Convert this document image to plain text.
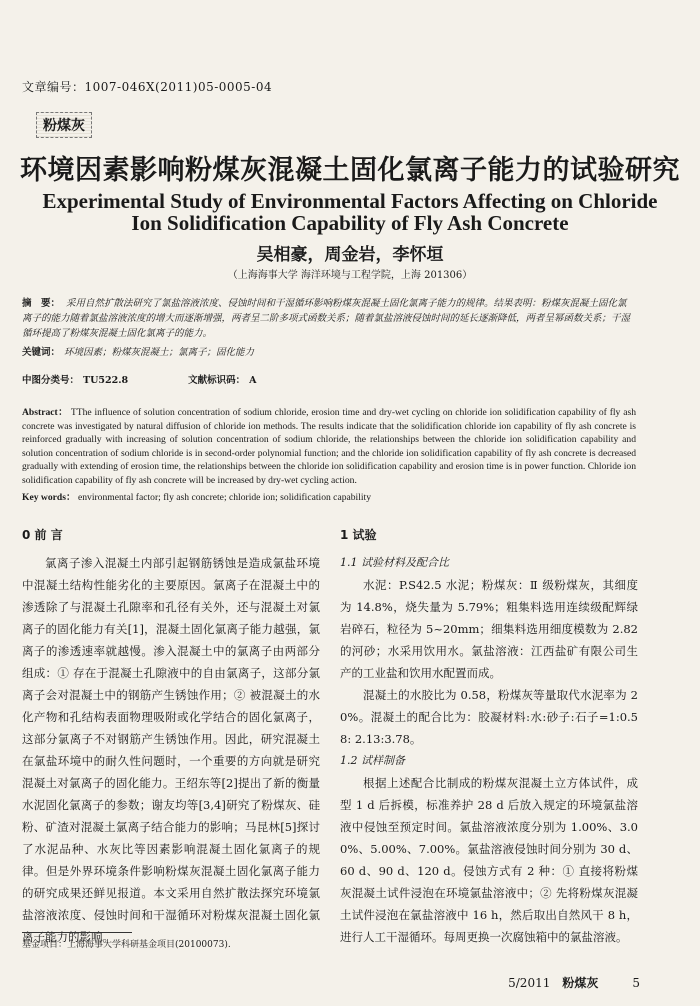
文章编号：1007-046X(2011)05-0005-04
粉煤灰
环境因素影响粉煤灰混凝土固化氯离子能力的试验研究
Experimental Study of Environmental Factors Affecting on Chloride
Ion Solidification Capability of Fly Ash Concrete
吴相豪，周金岩，李怀垣
（上海海事大学 海洋环境与工程学院，上海 201306）
摘　要： 采用自然扩散法研究了氯盐溶液浓度、侵蚀时间和干湿循环影响粉煤灰混凝土固化氯离子能力的规律。结果表明：粉煤灰混凝土固化氯离子的能力随着氯盐溶液浓度的增大而逐渐增强，两者呈二阶多项式函数关系；随着氯盐溶液侵蚀时间的延长逐渐降低，两者呈幂函数关系；干湿循环提高了粉煤灰混凝土固化氯离子的能力。
关键词： 环境因素；粉煤灰混凝土；氯离子；固化能力
中图分类号： TU522.8	文献标识码： A
Abstract： TThe influence of solution concentration of sodium chloride, erosion time and dry-wet cycling on chloride ion solidification capability of fly ash concrete was investigated by natural diffusion of chloride ion methods. The results indicate that the solidification chloride ion capability of fly ash concrete is reinforced gradually with increasing of solution concentration of sodium chloride, the relationships between the chloride ion solidification capability and solution concentration of sodium chloride is in second-order polynomial function; and the chloride ion solidification capability of fly ash concrete is decreased gradually with extending of erosion time, the relationships between the chloride ion solidification capability and erosion time is in power function. Chloride ion solidification capability of fly ash concrete will be increased by dry-wet cycling action.
Key words： environmental factor; fly ash concrete; chloride ion; solidification capability
0 前 言

氯离子渗入混凝土内部引起钢筋锈蚀是造成氯盐环境中混凝土结构性能劣化的主要原因。氯离子在混凝土中的渗透除了与混凝土孔隙率和孔径有关外，还与混凝土对氯离子的固化能力有关[1]，混凝土固化氯离子能力越强，氯离子的渗透速率就越慢。渗入混凝土中的氯离子由两部分组成：① 存在于混凝土孔隙液中的自由氯离子，这部分氯离子会对混凝土中的钢筋产生锈蚀作用；② 被混凝土的水化产物和孔结构表面物理吸附或化学结合的固化氯离子，这部分氯离子不对钢筋产生锈蚀作用。因此，研究混凝土在氯盐环境中的耐久性问题时，一个重要的方向就是研究混凝土对氯离子的固化能力。王绍东等[2]提出了新的衡量水泥固化氯离子的参数；谢友均等[3,4]研究了粉煤灰、硅粉、矿渣对混凝土氯离子结合能力的影响；马昆林[5]探讨了水泥品种、水灰比等因素影响混凝土固化氯离子的规律。但是外界环境条件影响粉煤灰混凝土固化氯离子能力的研究成果还鲜见报道。本文采用自然扩散法探究环境氯盐溶液浓度、侵蚀时间和干湿循环对粉煤灰混凝土固化氯离子能力的影响。

1 试验
1.1 试验材料及配合比

水泥：P.S42.5 水泥；粉煤灰：Ⅱ 级粉煤灰，其细度为 14.8%，烧失量为 5.79%；粗集料选用连续级配辉绿岩碎石，粒径为 5~20mm；细集料选用细度模数为 2.82 的河砂；水采用饮用水。氯盐溶液：江西盐矿有限公司生产的工业盐和饮用水配置而成。

混凝土的水胶比为 0.58，粉煤灰等量取代水泥率为 20%。混凝土的配合比为：胶凝材料:水:砂子:石子=1:0.58: 2.13:3.78。

1.2 试样制备

根据上述配合比制成的粉煤灰混凝土立方体试件，成型 1 d 后拆模，标准养护 28 d 后放入规定的环境氯盐溶液中侵蚀至预定时间。氯盐溶液浓度分别为 1.00%、3.00%、5.00%、7.00%。氯盐溶液侵蚀时间分别为 30 d、60 d、90 d、120 d。侵蚀方式有 2 种：① 直接将粉煤灰混凝土试件浸泡在环境氯盐溶液中；② 先将粉煤灰混凝土试件浸泡在氯盐溶液中 16 h，然后取出自然风干 8 h，进行人工干湿循环。每周更换一次腐蚀箱中的氯盐溶液。

基金项目：上海海事大学科研基金项目(20100073).
5/2011 粉煤灰	5
